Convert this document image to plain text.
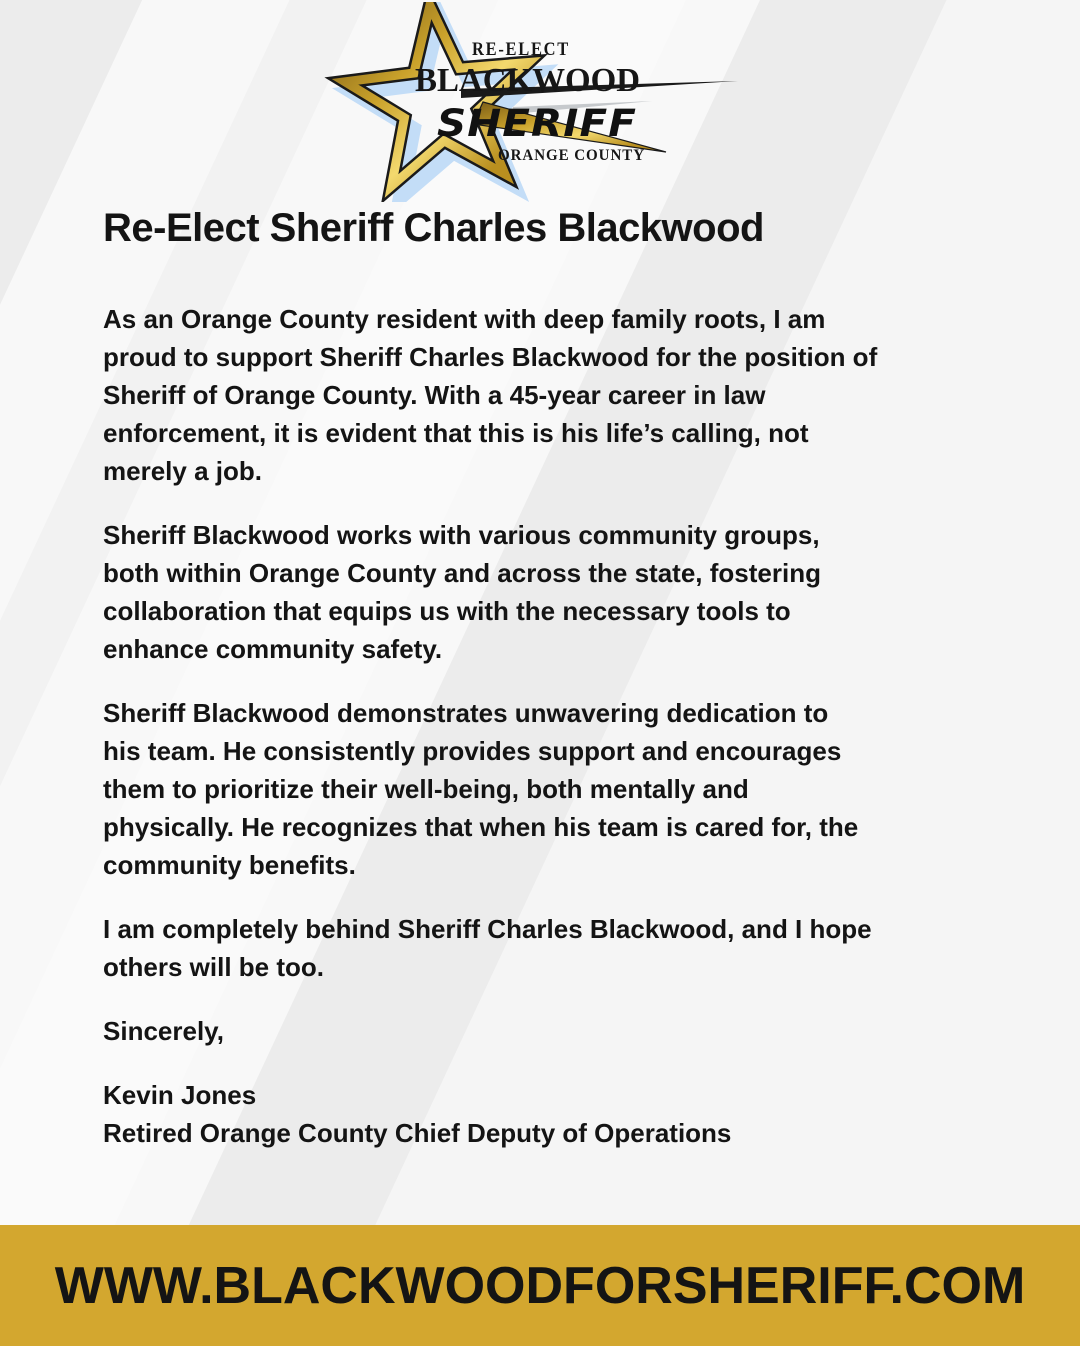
RE-ELECT
BLACKWOOD
SHERIFF
ORANGE COUNTY
Re-Elect Sheriff Charles Blackwood

As an Orange County resident with deep family roots, I am
proud to support Sheriff Charles Blackwood for the position of
Sheriff of Orange County. With a 45-year career in law
enforcement, it is evident that this is his life’s calling, not
merely a job.

Sheriff Blackwood works with various community groups,
both within Orange County and across the state, fostering
collaboration that equips us with the necessary tools to
enhance community safety.

Sheriff Blackwood demonstrates unwavering dedication to
his team. He consistently provides support and encourages
them to prioritize their well-being, both mentally and
physically. He recognizes that when his team is cared for, the
community benefits.

I am completely behind Sheriff Charles Blackwood, and I hope
others will be too.

Sincerely,

Kevin Jones
Retired Orange County Chief Deputy of Operations

WWW.BLACKWOODFORSHERIFF.COM
